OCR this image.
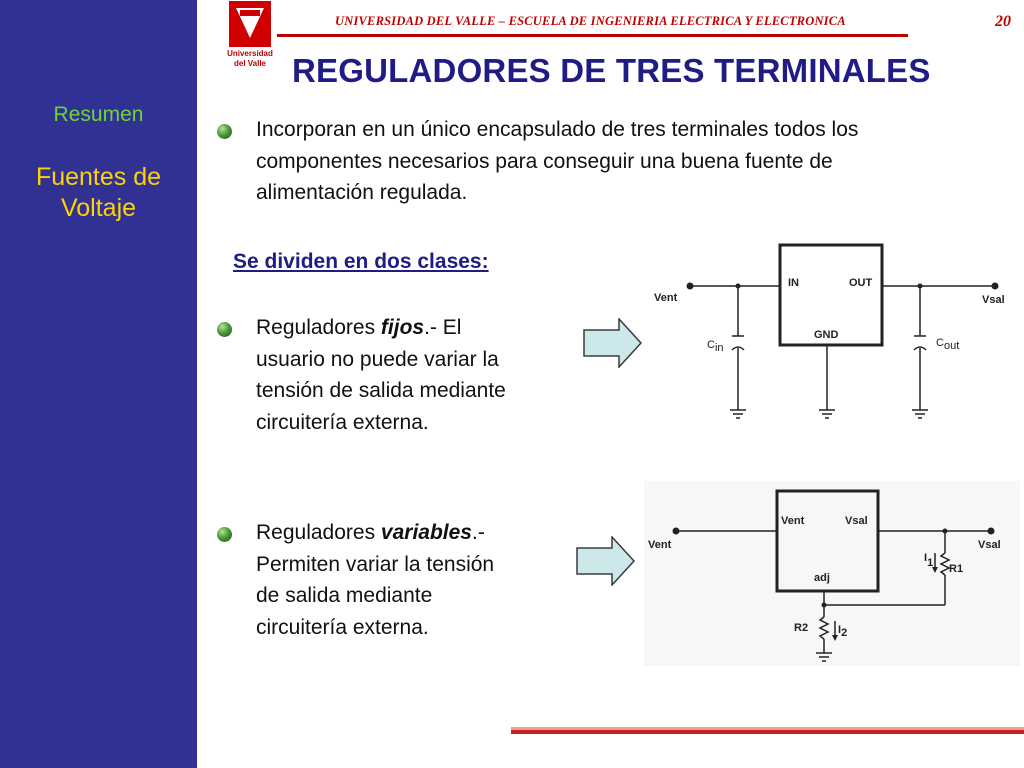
Resumen
Fuentes de
Voltaje
Universidad
del Valle
UNIVERSIDAD DEL VALLE – ESCUELA DE INGENIERIA ELECTRICA Y ELECTRONICA	20
REGULADORES DE TRES TERMINALES
Incorporan en un único encapsulado de tres terminales todos los
componentes necesarios para conseguir una buena fuente de
alimentación regulada.
Se dividen en dos clases:
Reguladores fijos.- El
usuario no puede variar la
tensión de salida mediante
circuitería externa.
Reguladores variables.-
Permiten variar la tensión
de salida mediante
circuitería externa.
Vent	Vsal
IN	OUT
GND
Cin	Cout
Vent	Vsal
Vent	Vsal
adj
R1
R2
I1
I2
